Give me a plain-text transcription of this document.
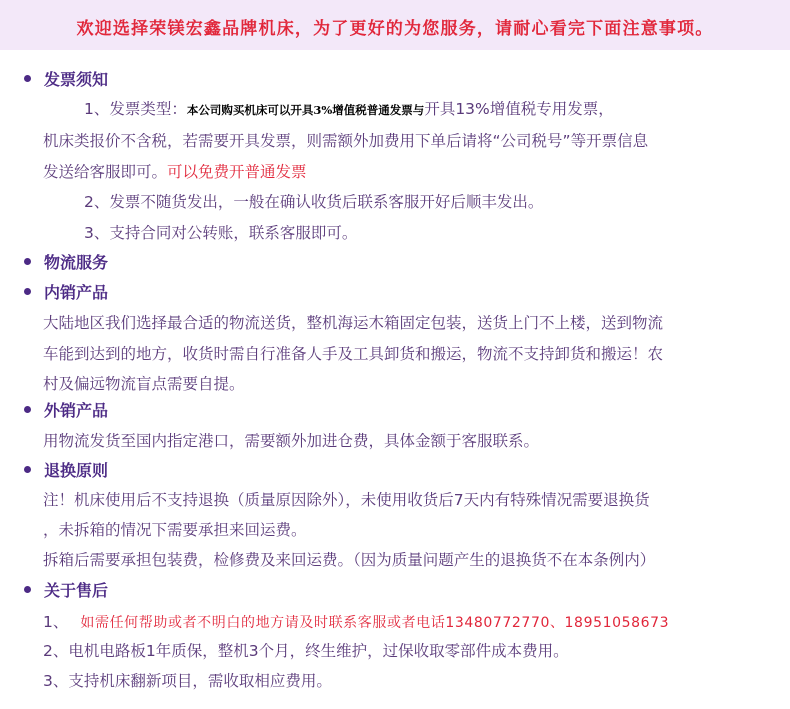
欢迎选择荣镁宏鑫品牌机床，为了更好的为您服务，请耐心看完下面注意事项。
发票须知
1、发票类型：本公司购买机床可以开具3%增值税普通发票与开具13%增值税专用发票，
机床类报价不含税，若需要开具发票，则需额外加费用下单后请将“公司税号”等开票信息
发送给客服即可。可以免费开普通发票
2、发票不随货发出，一般在确认收货后联系客服开好后顺丰发出。
3、支持合同对公转账，联系客服即可。
物流服务
内销产品
大陆地区我们选择最合适的物流送货，整机海运木箱固定包装，送货上门不上楼，送到物流
车能到达到的地方，收货时需自行准备人手及工具卸货和搬运，物流不支持卸货和搬运！农
村及偏远物流盲点需要自提。
外销产品
用物流发货至国内指定港口，需要额外加进仓费，具体金额于客服联系。
退换原则
注！机床使用后不支持退换（质量原因除外），未使用收货后7天内有特殊情况需要退换货
，未拆箱的情况下需要承担来回运费。
拆箱后需要承担包装费，检修费及来回运费。（因为质量问题产生的退换货不在本条例内）
关于售后
1、 如需任何帮助或者不明白的地方请及时联系客服或者电话13480772770、18951058673
2、电机电路板1年质保，整机3个月，终生维护，过保收取零部件成本费用。
3、支持机床翻新项目，需收取相应费用。
